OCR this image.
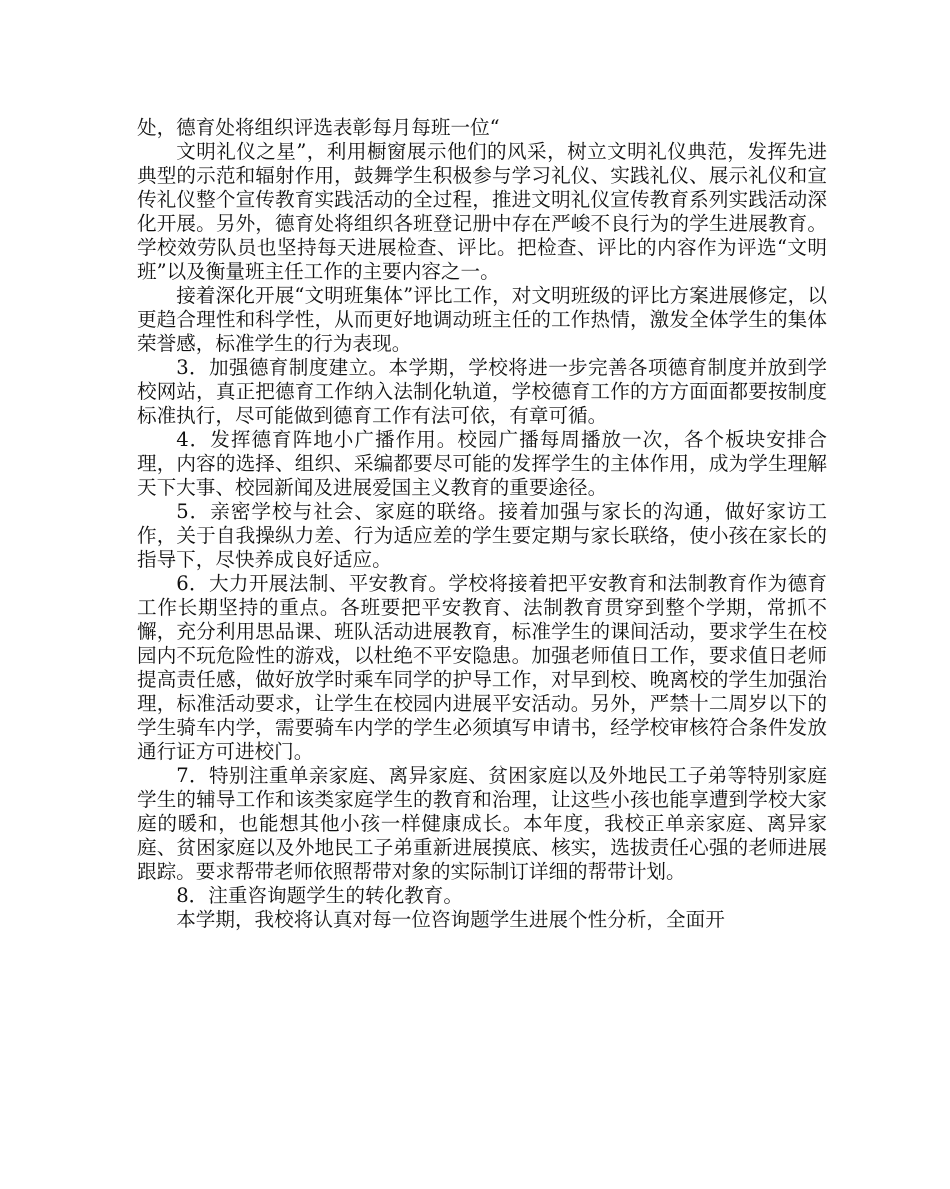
处，德育处将组织评选表彰每月每班一位“

文明礼仪之星”，利用橱窗展示他们的风采，树立文明礼仪典范，发挥先进典型的示范和辐射作用，鼓舞学生积极参与学习礼仪、实践礼仪、展示礼仪和宣传礼仪整个宣传教育实践活动的全过程，推进文明礼仪宣传教育系列实践活动深化开展。另外，德育处将组织各班登记册中存在严峻不良行为的学生进展教育。学校效劳队员也坚持每天进展检查、评比。把检查、评比的内容作为评选“文明班”以及衡量班主任工作的主要内容之一。

接着深化开展“文明班集体”评比工作，对文明班级的评比方案进展修定，以更趋合理性和科学性，从而更好地调动班主任的工作热情，激发全体学生的集体荣誉感，标准学生的行为表现。

3．加强德育制度建立。本学期，学校将进一步完善各项德育制度并放到学校网站，真正把德育工作纳入法制化轨道，学校德育工作的方方面面都要按制度标准执行，尽可能做到德育工作有法可依，有章可循。

4．发挥德育阵地小广播作用。校园广播每周播放一次，各个板块安排合理，内容的选择、组织、采编都要尽可能的发挥学生的主体作用，成为学生理解天下大事、校园新闻及进展爱国主义教育的重要途径。

5．亲密学校与社会、家庭的联络。接着加强与家长的沟通，做好家访工作，关于自我操纵力差、行为适应差的学生要定期与家长联络，使小孩在家长的指导下，尽快养成良好适应。

6．大力开展法制、平安教育。学校将接着把平安教育和法制教育作为德育工作长期坚持的重点。各班要把平安教育、法制教育贯穿到整个学期，常抓不懈，充分利用思品课、班队活动进展教育，标准学生的课间活动，要求学生在校园内不玩危险性的游戏，以杜绝不平安隐患。加强老师值日工作，要求值日老师提高责任感，做好放学时乘车同学的护导工作，对早到校、晚离校的学生加强治理，标准活动要求，让学生在校园内进展平安活动。另外，严禁十二周岁以下的学生骑车内学，需要骑车内学的学生必须填写申请书，经学校审核符合条件发放通行证方可进校门。

7．特别注重单亲家庭、离异家庭、贫困家庭以及外地民工子弟等特别家庭学生的辅导工作和该类家庭学生的教育和治理，让这些小孩也能享遭到学校大家庭的暖和，也能想其他小孩一样健康成长。本年度，我校正单亲家庭、离异家庭、贫困家庭以及外地民工子弟重新进展摸底、核实，选拔责任心强的老师进展跟踪。要求帮带老师依照帮带对象的实际制订详细的帮带计划。

8．注重咨询题学生的转化教育。

本学期，我校将认真对每一位咨询题学生进展个性分析，全面开
